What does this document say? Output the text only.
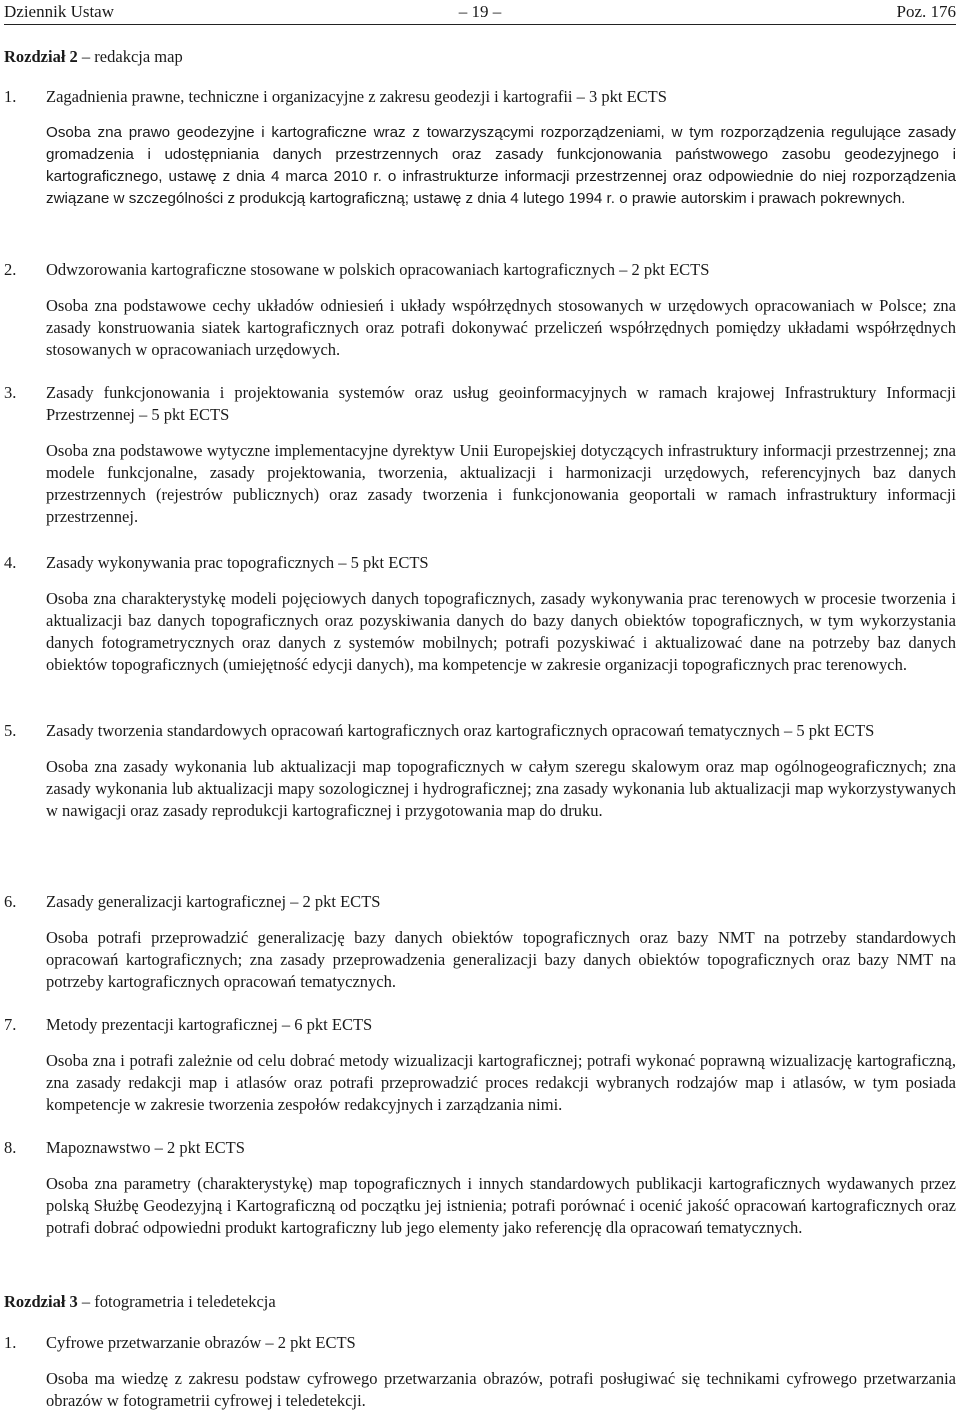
Dziennik Ustaw	– 19 –	Poz. 176
Rozdział 2 – redakcja map
1. Zagadnienia prawne, techniczne i organizacyjne z zakresu geodezji i kartografii – 3 pkt ECTS
Osoba zna prawo geodezyjne i kartograficzne wraz z towarzyszącymi rozporządzeniami, w tym rozporządzenia regulujące zasady gromadzenia i udostępniania danych przestrzennych oraz zasady funkcjonowania państwowego zasobu geodezyjnego i kartograficznego, ustawę z dnia 4 marca 2010 r. o infrastrukturze informacji przestrzennej oraz odpowiednie do niej rozporządzenia związane w szczególności z produkcją kartograficzną; ustawę z dnia 4 lutego 1994 r. o prawie autorskim i prawach pokrewnych.
2. Odwzorowania kartograficzne stosowane w polskich opracowaniach kartograficznych – 2 pkt ECTS
Osoba zna podstawowe cechy układów odniesień i układy współrzędnych stosowanych w urzędowych opracowaniach w Polsce; zna zasady konstruowania siatek kartograficznych oraz potrafi dokonywać przeliczeń współrzędnych pomiędzy układami współrzędnych stosowanych w opracowaniach urzędowych.
3. Zasady funkcjonowania i projektowania systemów oraz usług geoinformacyjnych w ramach krajowej Infrastruktury Informacji Przestrzennej – 5 pkt ECTS
Osoba zna podstawowe wytyczne implementacyjne dyrektyw Unii Europejskiej dotyczących infrastruktury informacji przestrzennej; zna modele funkcjonalne, zasady projektowania, tworzenia, aktualizacji i harmonizacji urzędowych, referencyjnych baz danych przestrzennych (rejestrów publicznych) oraz zasady tworzenia i funkcjonowania geoportali w ramach infrastruktury informacji przestrzennej.
4. Zasady wykonywania prac topograficznych – 5 pkt ECTS
Osoba zna charakterystykę modeli pojęciowych danych topograficznych, zasady wykonywania prac terenowych w procesie tworzenia i aktualizacji baz danych topograficznych oraz pozyskiwania danych do bazy danych obiektów topograficznych, w tym wykorzystania danych fotogrametrycznych oraz danych z systemów mobilnych; potrafi pozyskiwać i aktualizować dane na potrzeby baz danych obiektów topograficznych (umiejętność edycji danych), ma kompetencje w zakresie organizacji topograficznych prac terenowych.
5. Zasady tworzenia standardowych opracowań kartograficznych oraz kartograficznych opracowań tematycznych – 5 pkt ECTS
Osoba zna zasady wykonania lub aktualizacji map topograficznych w całym szeregu skalowym oraz map ogólnogeograficznych; zna zasady wykonania lub aktualizacji mapy sozologicznej i hydrograficznej; zna zasady wykonania lub aktualizacji map wykorzystywanych w nawigacji oraz zasady reprodukcji kartograficznej i przygotowania map do druku.
6. Zasady generalizacji kartograficznej – 2 pkt ECTS
Osoba potrafi przeprowadzić generalizację bazy danych obiektów topograficznych oraz bazy NMT na potrzeby standardowych opracowań kartograficznych; zna zasady przeprowadzenia generalizacji bazy danych obiektów topograficznych oraz bazy NMT na potrzeby kartograficznych opracowań tematycznych.
7. Metody prezentacji kartograficznej – 6 pkt ECTS
Osoba zna i potrafi zależnie od celu dobrać metody wizualizacji kartograficznej; potrafi wykonać poprawną wizualizację kartograficzną, zna zasady redakcji map i atlasów oraz potrafi przeprowadzić proces redakcji wybranych rodzajów map i atlasów, w tym posiada kompetencje w zakresie tworzenia zespołów redakcyjnych i zarządzania nimi.
8. Mapoznawstwo – 2 pkt ECTS
Osoba zna parametry (charakterystykę) map topograficznych i innych standardowych publikacji kartograficznych wydawanych przez polską Służbę Geodezyjną i Kartograficzną od początku jej istnienia; potrafi porównać i ocenić jakość opracowań kartograficznych oraz potrafi dobrać odpowiedni produkt kartograficzny lub jego elementy jako referencję dla opracowań tematycznych.
Rozdział 3 – fotogrametria i teledetekcja
1. Cyfrowe przetwarzanie obrazów – 2 pkt ECTS
Osoba ma wiedzę z zakresu podstaw cyfrowego przetwarzania obrazów, potrafi posługiwać się technikami cyfrowego przetwarzania obrazów w fotogrametrii cyfrowej i teledetekcji.
